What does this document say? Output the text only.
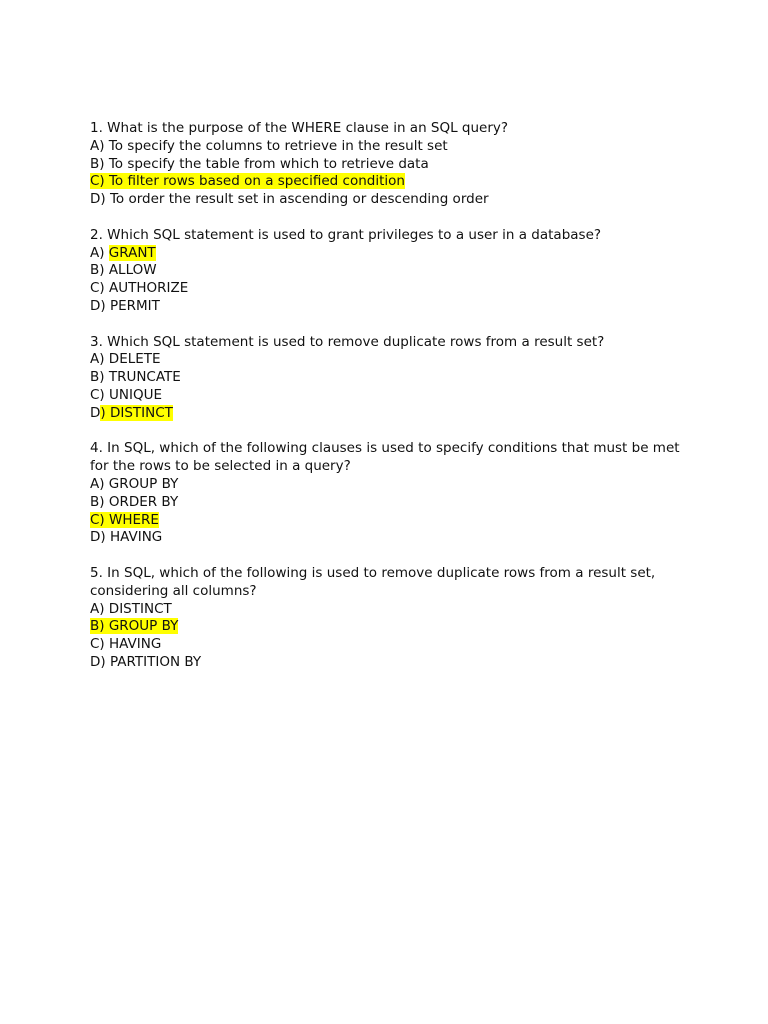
1. What is the purpose of the WHERE clause in an SQL query?
A) To specify the columns to retrieve in the result set
B) To specify the table from which to retrieve data
C) To filter rows based on a specified condition
D) To order the result set in ascending or descending order
2. Which SQL statement is used to grant privileges to a user in a database?
A) GRANT
B) ALLOW
C) AUTHORIZE
D) PERMIT
3. Which SQL statement is used to remove duplicate rows from a result set?
A) DELETE
B) TRUNCATE
C) UNIQUE
D) DISTINCT
4. In SQL, which of the following clauses is used to specify conditions that must be met for the rows to be selected in a query?
A) GROUP BY
B) ORDER BY
C) WHERE
D) HAVING
5. In SQL, which of the following is used to remove duplicate rows from a result set, considering all columns?
A) DISTINCT
B) GROUP BY
C) HAVING
D) PARTITION BY
